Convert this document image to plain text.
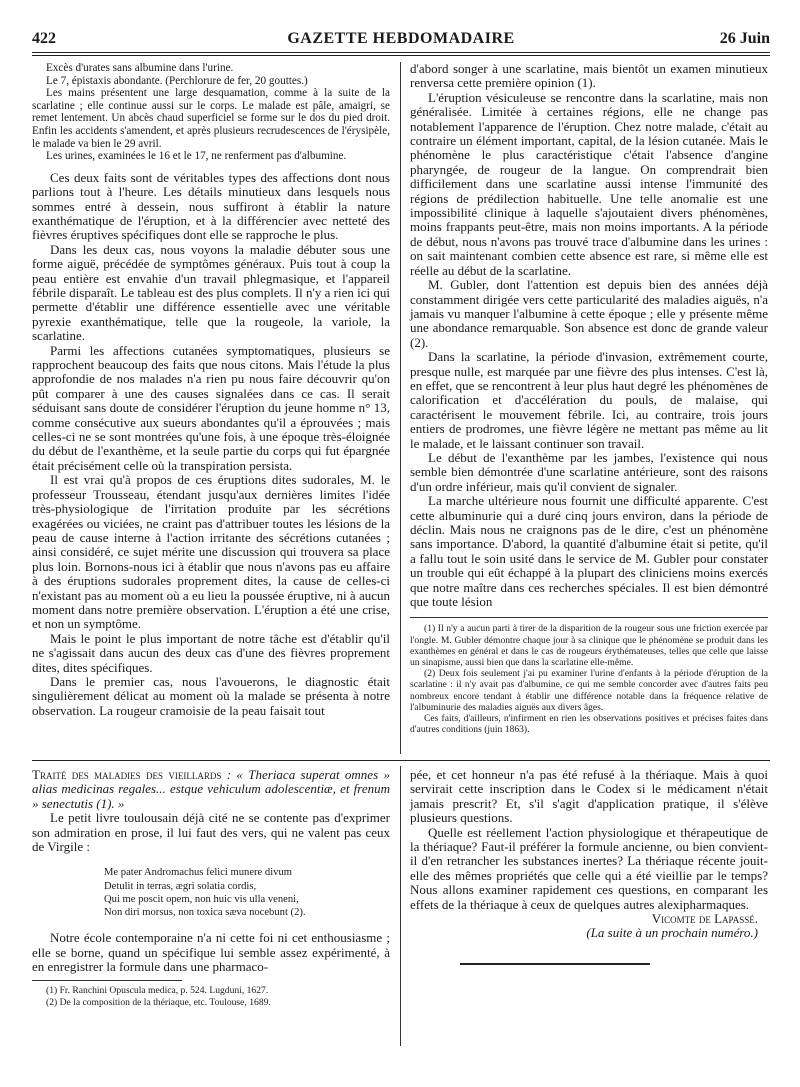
422	GAZETTE HEBDOMADAIRE	26 Juin

Excès d'urates sans albumine dans l'urine.

Le 7, épistaxis abondante. (Perchlorure de fer, 20 gouttes.)

Les mains présentent une large desquamation, comme à la suite de la scarlatine ; elle continue aussi sur le corps. Le malade est pâle, amaigri, se remet lentement. Un abcès chaud superficiel se forme sur le dos du pied droit. Enfin les accidents s'amendent, et après plusieurs recrudescences de l'érysipèle, le malade va bien le 29 avril.

Les urines, examinées le 16 et le 17, ne renferment pas d'albumine.

Ces deux faits sont de véritables types des affections dont nous parlions tout à l'heure. Les détails minutieux dans lesquels nous sommes entré à dessein, nous suffiront à établir la nature exanthématique de l'éruption, et à la différencier avec netteté des fièvres éruptives spécifiques dont elle se rapproche le plus.

Dans les deux cas, nous voyons la maladie débuter sous une forme aiguë, précédée de symptômes généraux. Puis tout à coup la peau entière est envahie d'un travail phlegmasique, et l'appareil fébrile disparaît. Le tableau est des plus complets. Il n'y a rien ici qui permette d'établir une différence essentielle avec une véritable pyrexie exanthématique, telle que la rougeole, la variole, la scarlatine.

Parmi les affections cutanées symptomatiques, plusieurs se rapprochent beaucoup des faits que nous citons. Mais l'étude la plus approfondie de nos malades n'a rien pu nous faire découvrir qu'on pût comparer à une des causes signalées dans ce cas. Il serait séduisant sans doute de considérer l'éruption du jeune homme n° 13, comme consécutive aux sueurs abondantes qu'il a éprouvées ; mais celles-ci ne se sont montrées qu'une fois, à une époque très-éloignée du début de l'exanthème, et la seule partie du corps qui fut épargnée était précisément celle où la transpiration persista.

Il est vrai qu'à propos de ces éruptions dites sudorales, M. le professeur Trousseau, étendant jusqu'aux dernières limites l'idée très-physiologique de l'irritation produite par les sécrétions exagérées ou viciées, ne craint pas d'attribuer toutes les lésions de la peau de cause interne à l'action irritante des sécrétions cutanées ; ainsi considéré, ce sujet mérite une discussion qui trouvera sa place plus loin. Bornons-nous ici à établir que nous n'avons pas eu affaire à des éruptions sudorales proprement dites, la cause de celles-ci n'existant pas au moment où a eu lieu la poussée éruptive, ni à aucun moment dans notre première observation. L'éruption a été une crise, et non un symptôme.

Mais le point le plus important de notre tâche est d'établir qu'il ne s'agissait dans aucun des deux cas d'une des fièvres proprement dites, dites spécifiques.

Dans le premier cas, nous l'avouerons, le diagnostic était singulièrement délicat au moment où la malade se présenta à notre observation. La rougeur cramoisie de la peau faisait tout

d'abord songer à une scarlatine, mais bientôt un examen minutieux renversa cette première opinion (1).

L'éruption vésiculeuse se rencontre dans la scarlatine, mais non généralisée. Limitée à certaines régions, elle ne change pas notablement l'apparence de l'éruption. Chez notre malade, c'était au contraire un élément important, capital, de la lésion cutanée. Mais le phénomène le plus caractéristique c'était l'absence d'angine pharyngée, de rougeur de la langue. On comprendrait bien difficilement dans une scarlatine aussi intense l'immunité des régions de prédilection habituelle. Une telle anomalie est une impossibilité clinique à laquelle s'ajoutaient divers phénomènes, moins frappants peut-être, mais non moins importants. A la période de début, nous n'avons pas trouvé trace d'albumine dans les urines : on sait maintenant combien cette absence est rare, si même elle est réelle au début de la scarlatine.

M. Gubler, dont l'attention est depuis bien des années déjà constamment dirigée vers cette particularité des maladies aiguës, n'a jamais vu manquer l'albumine à cette époque ; elle y présente même une abondance remarquable. Son absence est donc de grande valeur (2).

Dans la scarlatine, la période d'invasion, extrêmement courte, presque nulle, est marquée par une fièvre des plus intenses. C'est là, en effet, que se rencontrent à leur plus haut degré les phénomènes de calorification et d'accélération du pouls, de malaise, qui caractérisent le mouvement fébrile. Ici, au contraire, trois jours entiers de prodromes, une fièvre légère ne mettant pas même au lit le malade, et le laissant continuer son travail.

Le début de l'exanthème par les jambes, l'existence qui nous semble bien démontrée d'une scarlatine antérieure, sont des raisons d'un ordre inférieur, mais qu'il convient de signaler.

La marche ultérieure nous fournit une difficulté apparente. C'est cette albuminurie qui a duré cinq jours environ, dans la période de déclin. Mais nous ne craignons pas de le dire, c'est un phénomène sans importance. D'abord, la quantité d'albumine était si petite, qu'il a fallu tout le soin usité dans le service de M. Gubler pour constater un trouble qui eût échappé à la plupart des cliniciens moins exercés que notre maître dans ces recherches spéciales. Il est bien démontré que toute lésion

(1) Il n'y a aucun parti à tirer de la disparition de la rougeur sous une friction exercée par l'ongle. M. Gubler démontre chaque jour à sa clinique que le phénomène se produit dans les exanthèmes en général et dans le cas de rougeurs érythémateuses, telles que celle que laisse un sinapisme, aussi bien que dans la scarlatine elle-même.

(2) Deux fois seulement j'ai pu examiner l'urine d'enfants à la période d'éruption de la scarlatine : il n'y avait pas d'albumine, ce qui me semble concorder avec d'autres faits peu nombreux encore tendant à établir une différence notable dans la fréquence relative de l'albuminurie des maladies aiguës aux divers âges.

Ces faits, d'ailleurs, n'infirment en rien les observations positives et précises faites dans d'autres conditions (juin 1863).

Traité des maladies des vieillards : « Theriaca superat omnes » alias medicinas regales... estque vehiculum adolescentiæ, et frenum » senectutis (1). »

Le petit livre toulousain déjà cité ne se contente pas d'exprimer son admiration en prose, il lui faut des vers, qui ne valent pas ceux de Virgile :

Me pater Andromachus felici munere divum
Detulit in terras, ægri solatia cordis,
Qui me poscit opem, non huic vis ulla veneni,
Non diri morsus, non toxica sæva nocebunt (2).

Notre école contemporaine n'a ni cette foi ni cet enthousiasme ; elle se borne, quand un spécifique lui semble assez expérimenté, à en enregistrer la formule dans une pharmaco-

(1) Fr. Ranchini Opuscula medica, p. 524. Lugduni, 1627.

(2) De la composition de la thériaque, etc. Toulouse, 1689.

pée, et cet honneur n'a pas été refusé à la thériaque. Mais à quoi servirait cette inscription dans le Codex si le médicament n'était jamais prescrit? Et, s'il s'agit d'application pratique, il s'élève plusieurs questions.

Quelle est réellement l'action physiologique et thérapeutique de la thériaque? Faut-il préférer la formule ancienne, ou bien convient-il d'en retrancher les substances inertes? La thériaque récente jouit-elle des mêmes propriétés que celle qui a été vieillie par le temps? Nous allons examiner rapidement ces questions, en comparant les effets de la thériaque à ceux de quelques autres alexipharmaques.

Vicomte de Lapassé.

(La suite à un prochain numéro.)
